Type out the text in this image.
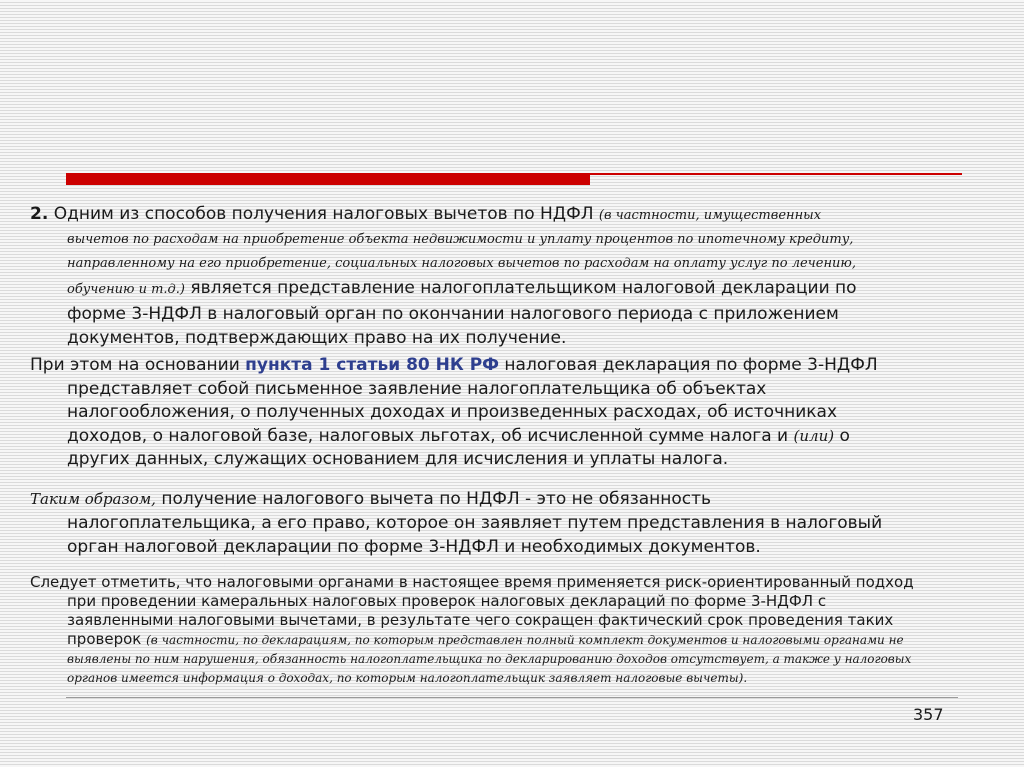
2. Одним из способов получения налоговых вычетов по НДФЛ (в частности, имущественных
вычетов по расходам на приобретение объекта недвижимости и уплату процентов по ипотечному кредиту,
направленному на его приобретение, социальных налоговых вычетов по расходам на оплату услуг по лечению,
обучению и т.д.) является представление налогоплательщиком налоговой декларации по
форме 3-НДФЛ в налоговый орган по окончании налогового периода с приложением
документов, подтверждающих право на их получение.
При этом на основании пункта 1 статьи 80 НК РФ налоговая декларация по форме 3-НДФЛ
представляет собой письменное заявление налогоплательщика об объектах
налогообложения, о полученных доходах и произведенных расходах, об источниках
доходов, о налоговой базе, налоговых льготах, об исчисленной сумме налога и (или) о
других данных, служащих основанием для исчисления и уплаты налога.
Таким образом, получение налогового вычета по НДФЛ - это не обязанность
налогоплательщика, а его право, которое он заявляет путем представления в налоговый
орган налоговой декларации по форме 3-НДФЛ и необходимых документов.
Следует отметить, что налоговыми органами в настоящее время применяется риск-ориентированный подход
при проведении камеральных налоговых проверок налоговых деклараций по форме 3-НДФЛ с
заявленными налоговыми вычетами, в результате чего сокращен фактический срок проведения таких
проверок (в частности, по декларациям, по которым представлен полный комплект документов и налоговыми органами не
выявлены по ним нарушения, обязанность налогоплательщика по декларированию доходов отсутствует, а также у налоговых
органов имеется информация о доходах, по которым налогоплательщик заявляет налоговые вычеты).
357
